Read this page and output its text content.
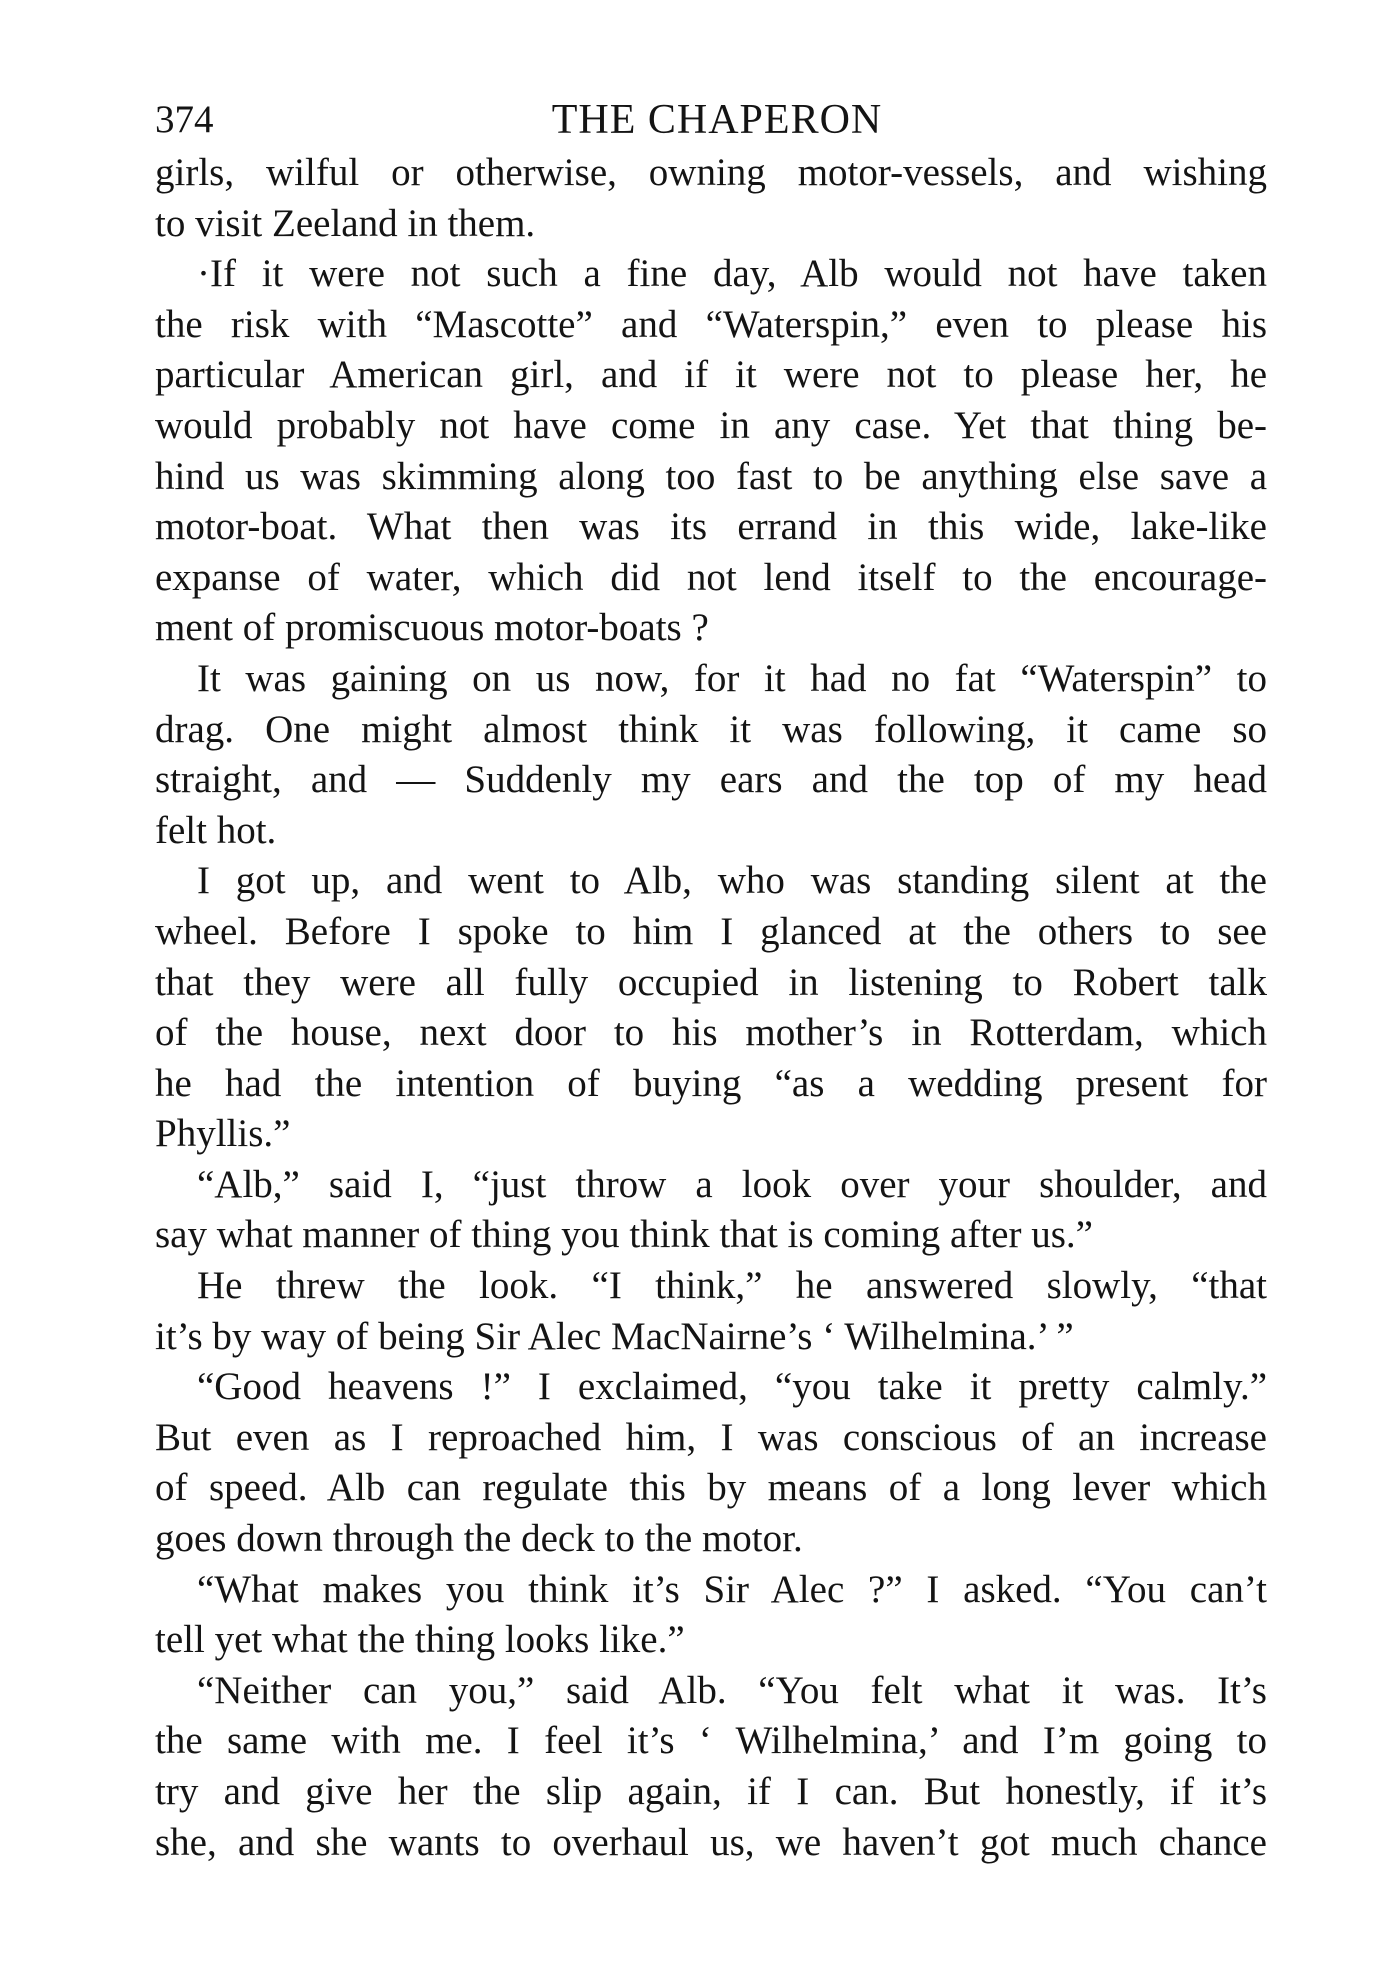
374	THE CHAPERON
girls, wilful or otherwise, owning motor-vessels, and wishing
to visit Zeeland in them.
·If it were not such a fine day, Alb would not have taken
the risk with “Mascotte” and “Waterspin,” even to please his
particular American girl, and if it were not to please her, he
would probably not have come in any case. Yet that thing be-
hind us was skimming along too fast to be anything else save a
motor-boat. What then was its errand in this wide, lake-like
expanse of water, which did not lend itself to the encourage-
ment of promiscuous motor-boats ?
It was gaining on us now, for it had no fat “Waterspin” to
drag. One might almost think it was following, it came so
straight, and — Suddenly my ears and the top of my head
felt hot.
I got up, and went to Alb, who was standing silent at the
wheel. Before I spoke to him I glanced at the others to see
that they were all fully occupied in listening to Robert talk
of the house, next door to his mother’s in Rotterdam, which
he had the intention of buying “as a wedding present for
Phyllis.”
“Alb,” said I, “just throw a look over your shoulder, and
say what manner of thing you think that is coming after us.”
He threw the look. “I think,” he answered slowly, “that
it’s by way of being Sir Alec MacNairne’s ‘ Wilhelmina.’ ”
“Good heavens !” I exclaimed, “you take it pretty calmly.”
But even as I reproached him, I was conscious of an increase
of speed. Alb can regulate this by means of a long lever which
goes down through the deck to the motor.
“What makes you think it’s Sir Alec ?” I asked. “You can’t
tell yet what the thing looks like.”
“Neither can you,” said Alb. “You felt what it was. It’s
the same with me. I feel it’s ‘ Wilhelmina,’ and I’m going to
try and give her the slip again, if I can. But honestly, if it’s
she, and she wants to overhaul us, we haven’t got much chance
